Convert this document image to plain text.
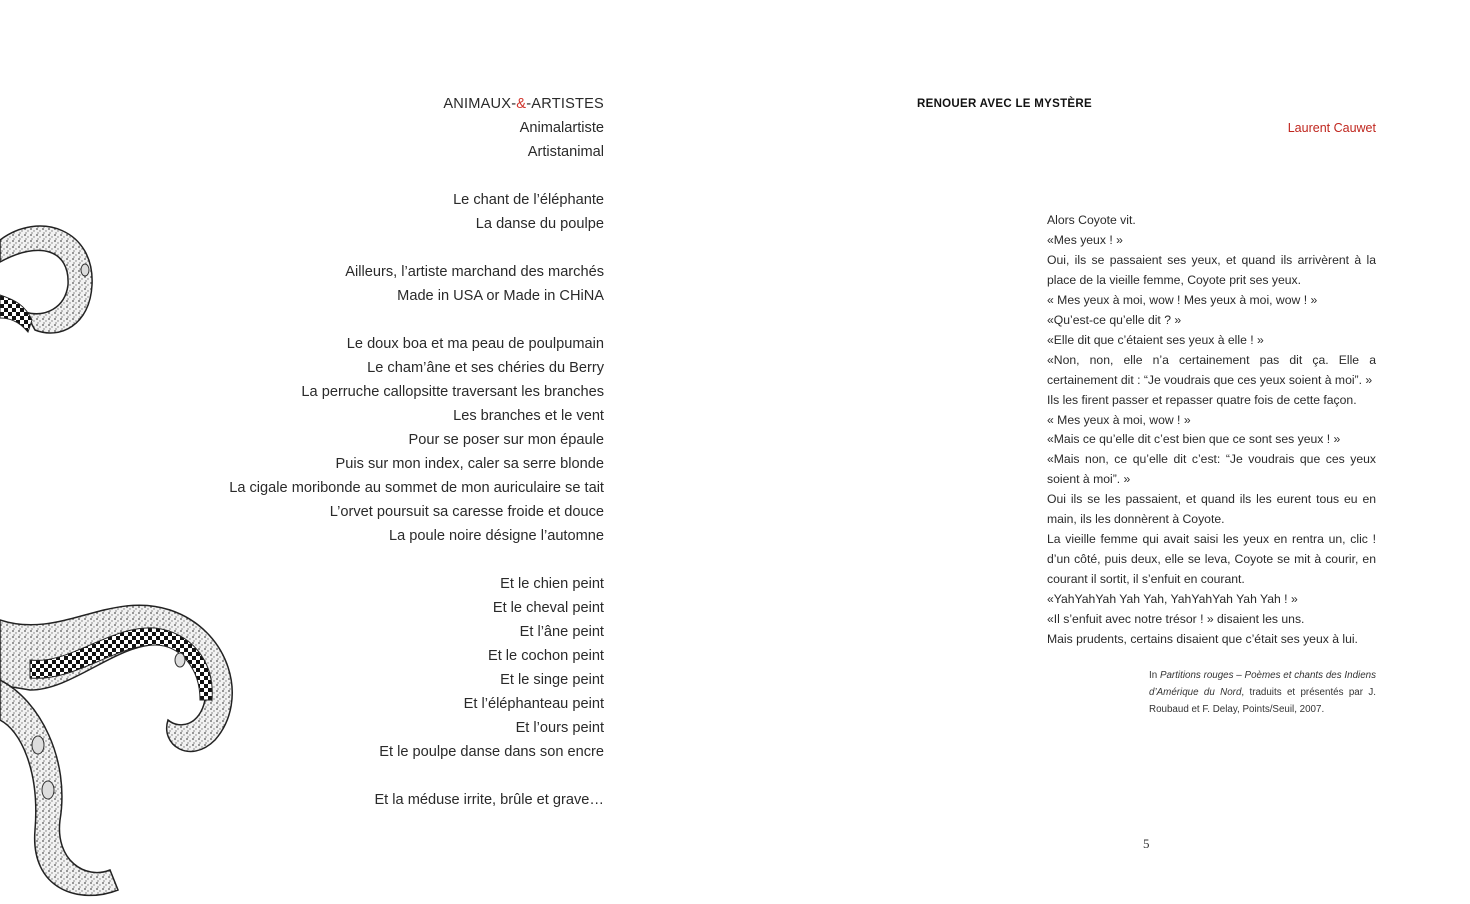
ANIMAUX-&-ARTISTES
Animalartiste
Artistanimal
Le chant de l’éléphante
La danse du poulpe
Ailleurs, l’artiste marchand des marchés
Made in USA or Made in CHiNA
Le doux boa et ma peau de poulpumain
Le cham’âne et ses chéries du Berry
La perruche callopsitte traversant les branches
Les branches et le vent
Pour se poser sur mon épaule
Puis sur mon index, caler sa serre blonde
La cigale moribonde au sommet de mon auriculaire se tait
L’orvet poursuit sa caresse froide et douce
La poule noire désigne l’automne
Et le chien peint
Et le cheval peint
Et l’âne peint
Et le cochon peint
Et le singe peint
Et l’éléphanteau peint
Et l’ours peint
Et le poulpe danse dans son encre
Et la méduse irrite, brûle et grave…
RENOUER AVEC LE MYSTÈRE
Laurent Cauwet

Alors Coyote vit.

«Mes yeux ! »

Oui, ils se passaient ses yeux, et quand ils arrivèrent à la place de la vieille femme, Coyote prit ses yeux.

« Mes yeux à moi, wow ! Mes yeux à moi, wow ! »

«Qu’est-ce qu’elle dit ? »

«Elle dit que c’étaient ses yeux à elle ! »

«Non, non, elle n’a certainement pas dit ça. Elle a certainement dit : “Je voudrais que ces yeux soient à moi”. »

Ils les firent passer et repasser quatre fois de cette façon.

« Mes yeux à moi, wow ! »

«Mais ce qu’elle dit c’est bien que ce sont ses yeux ! »

«Mais non, ce qu’elle dit c’est: “Je voudrais que ces yeux soient à moi”. »

Oui ils se les passaient, et quand ils les eurent tous eu en main, ils les donnèrent à Coyote.

La vieille femme qui avait saisi les yeux en rentra un, clic ! d’un côté, puis deux, elle se leva, Coyote se mit à courir, en courant il sortit, il s’enfuit en courant.

«YahYahYah Yah Yah, YahYahYah Yah Yah ! »

«Il s’enfuit avec notre trésor ! » disaient les uns.

Mais prudents, certains disaient que c’était ses yeux à lui.

In Partitions rouges – Poèmes et chants des Indiens d’Amérique du Nord, traduits et présentés par J. Roubaud et F. Delay, Points/Seuil, 2007.
5
